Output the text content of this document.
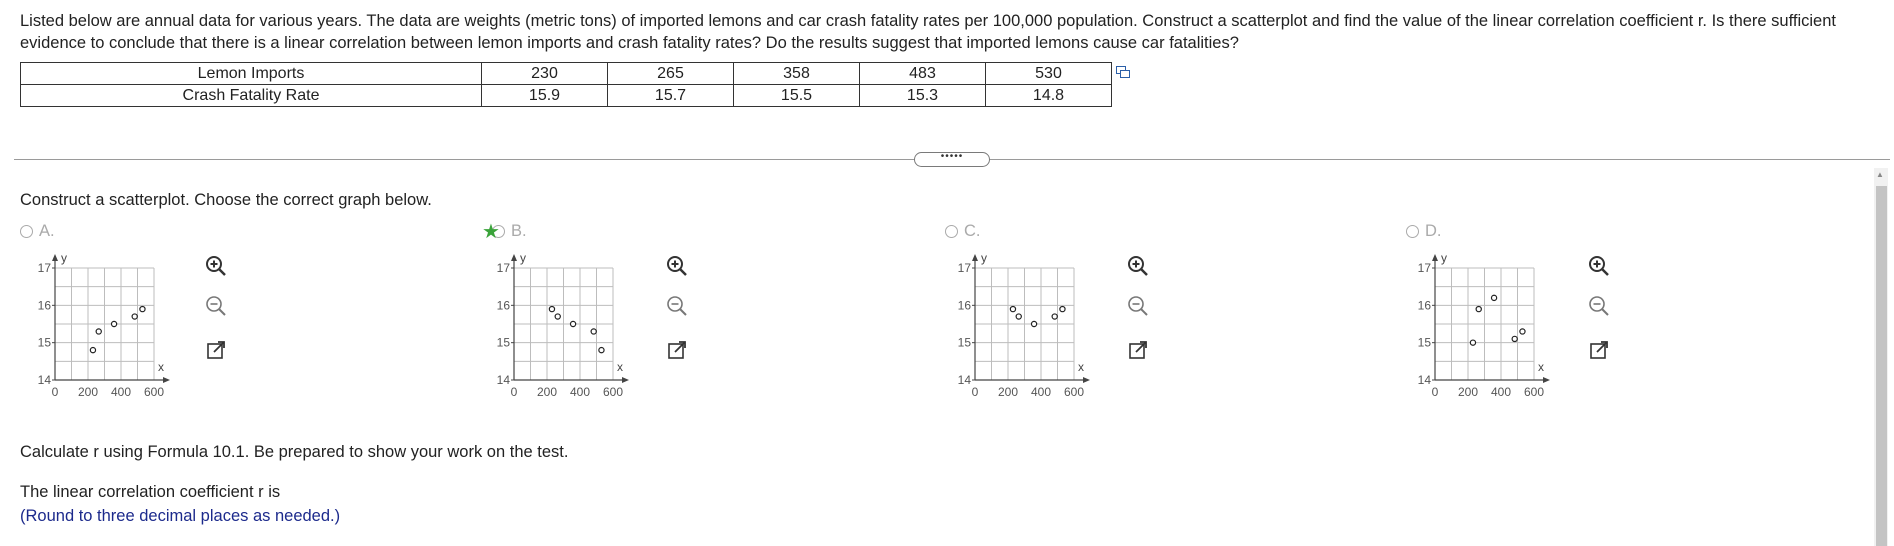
Listed below are annual data for various years. The data are weights (metric tons) of imported lemons and car crash fatality rates per 100,000 population. Construct a scatterplot and find the value of the linear correlation coefficient r. Is there sufficient evidence to conclude that there is a linear correlation between lemon imports and crash fatality rates? Do the results suggest that imported lemons cause car fatalities?
Lemon Imports	230	265	358	483	530
Crash Fatality Rate	15.9	15.7	15.5	15.3	14.8
•••••
Construct a scatterplot. Choose the correct graph below.
A.	★ B.	C.	D.
y
x
17
16
15
14
0 200 400 600
y
x
17
16
15
14
0 200 400 600
y
x
17
16
15
14
0 200 400 600
y
x
17
16
15
14
0 200 400 600
Calculate r using Formula 10.1. Be prepared to show your work on the test.
The linear correlation coefficient r is
(Round to three decimal places as needed.)
▲
